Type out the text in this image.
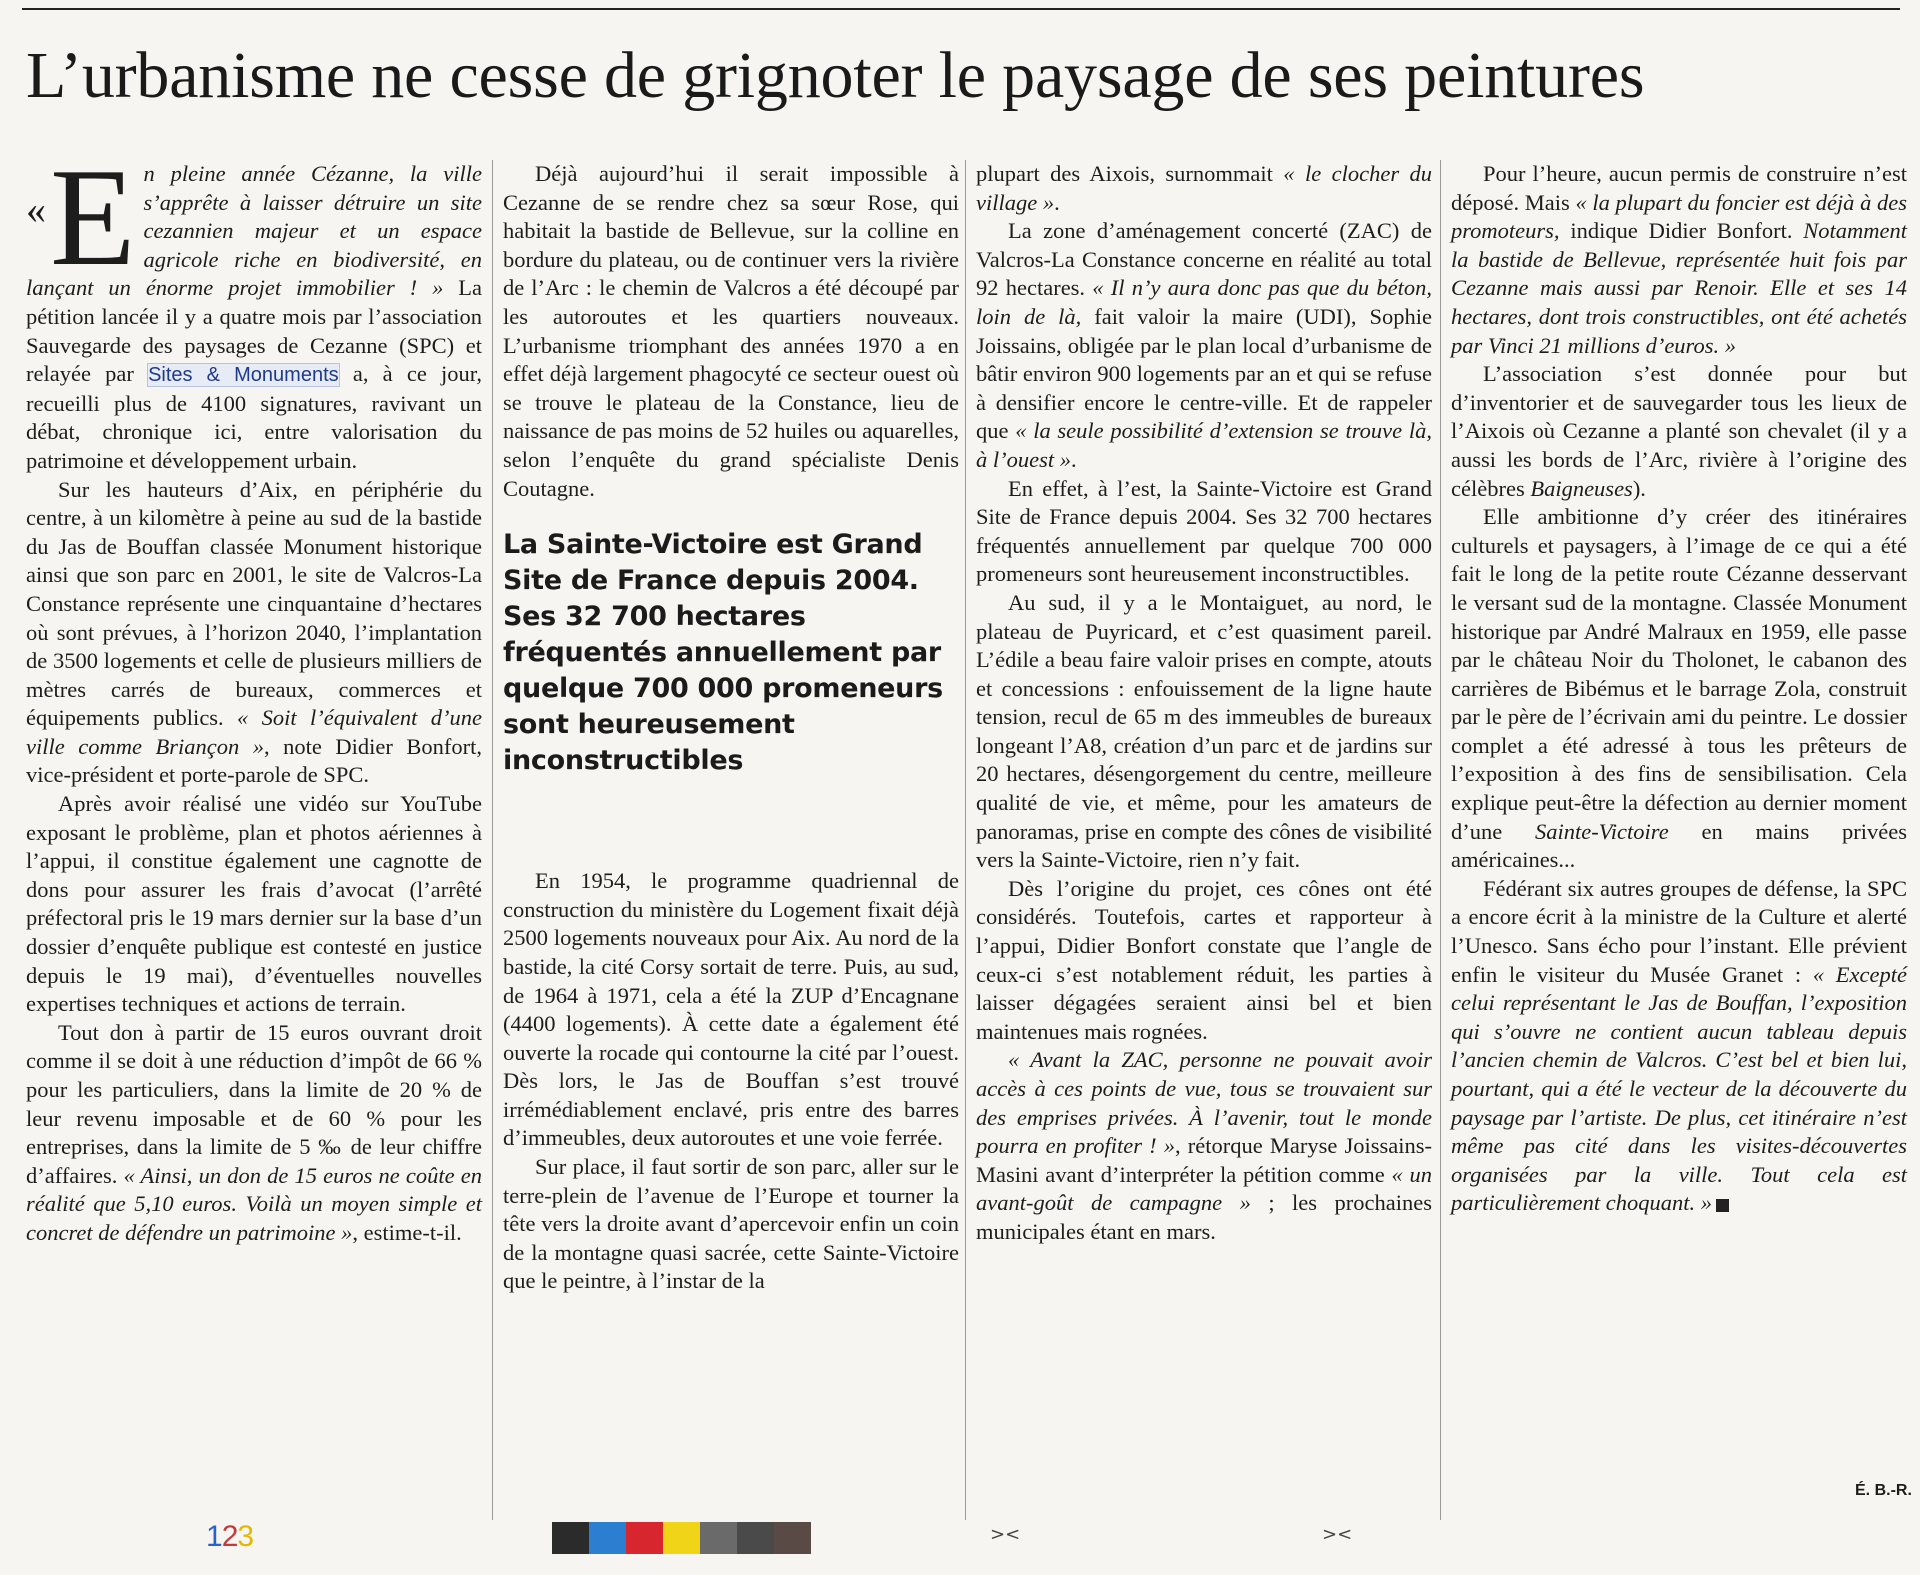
L’urbanisme ne cesse de grignoter le paysage de ses peintures

« E n pleine année Cézanne, la ville s’apprête à laisser détruire un site cezannien majeur et un espace agricole riche en biodiversité, en lançant un énorme projet immobilier ! » La pétition lancée il y a quatre mois par l’association Sauvegarde des paysages de Cezanne (SPC) et relayée par Sites & Monuments a, à ce jour, recueilli plus de 4100 signatures, ravivant un débat, chronique ici, entre valorisation du patrimoine et développement urbain.

Sur les hauteurs d’Aix, en périphérie du centre, à un kilomètre à peine au sud de la bastide du Jas de Bouffan classée Monument historique ainsi que son parc en 2001, le site de Valcros-La Constance représente une cinquantaine d’hectares où sont prévues, à l’horizon 2040, l’implantation de 3500 logements et celle de plusieurs milliers de mètres carrés de bureaux, commerces et équipements publics. « Soit l’équivalent d’une ville comme Briançon », note Didier Bonfort, vice-président et porte-parole de SPC.

Après avoir réalisé une vidéo sur YouTube exposant le problème, plan et photos aériennes à l’appui, il constitue également une cagnotte de dons pour assurer les frais d’avocat (l’arrêté préfectoral pris le 19 mars dernier sur la base d’un dossier d’enquête publique est contesté en justice depuis le 19 mai), d’éventuelles nouvelles expertises techniques et actions de terrain.

Tout don à partir de 15 euros ouvrant droit comme il se doit à une réduction d’impôt de 66 % pour les particuliers, dans la limite de 20 % de leur revenu imposable et de 60 % pour les entreprises, dans la limite de 5 ‰ de leur chiffre d’affaires. « Ainsi, un don de 15 euros ne coûte en réalité que 5,10 euros. Voilà un moyen simple et concret de défendre un patrimoine », estime-t-il.

Déjà aujourd’hui il serait impossible à Cezanne de se rendre chez sa sœur Rose, qui habitait la bastide de Bellevue, sur la colline en bordure du plateau, ou de continuer vers la rivière de l’Arc : le chemin de Valcros a été découpé par les autoroutes et les quartiers nouveaux. L’urbanisme triomphant des années 1970 a en effet déjà largement phagocyté ce secteur ouest où se trouve le plateau de la Constance, lieu de naissance de pas moins de 52 huiles ou aquarelles, selon l’enquête du grand spécialiste Denis Coutagne.

La Sainte-Victoire est Grand Site de France depuis 2004. Ses 32 700 hectares fréquentés annuellement par quelque 700 000 promeneurs sont heureusement inconstructibles

En 1954, le programme quadriennal de construction du ministère du Logement fixait déjà 2500 logements nouveaux pour Aix. Au nord de la bastide, la cité Corsy sortait de terre. Puis, au sud, de 1964 à 1971, cela a été la ZUP d’Encagnane (4400 logements). À cette date a également été ouverte la rocade qui contourne la cité par l’ouest. Dès lors, le Jas de Bouffan s’est trouvé irrémédiablement enclavé, pris entre des barres d’immeubles, deux autoroutes et une voie ferrée.

Sur place, il faut sortir de son parc, aller sur le terre-plein de l’avenue de l’Europe et tourner la tête vers la droite avant d’apercevoir enfin un coin de la montagne quasi sacrée, cette Sainte-Victoire que le peintre, à l’instar de la

plupart des Aixois, surnommait « le clocher du village ».

La zone d’aménagement concerté (ZAC) de Valcros-La Constance concerne en réalité au total 92 hectares. « Il n’y aura donc pas que du béton, loin de là, fait valoir la maire (UDI), Sophie Joissains, obligée par le plan local d’urbanisme de bâtir environ 900 logements par an et qui se refuse à densifier encore le centre-ville. Et de rappeler que « la seule possibilité d’extension se trouve là, à l’ouest ».

En effet, à l’est, la Sainte-Victoire est Grand Site de France depuis 2004. Ses 32 700 hectares fréquentés annuellement par quelque 700 000 promeneurs sont heureusement inconstructibles.

Au sud, il y a le Montaiguet, au nord, le plateau de Puyricard, et c’est quasiment pareil. L’édile a beau faire valoir prises en compte, atouts et concessions : enfouissement de la ligne haute tension, recul de 65 m des immeubles de bureaux longeant l’A8, création d’un parc et de jardins sur 20 hectares, désengorgement du centre, meilleure qualité de vie, et même, pour les amateurs de panoramas, prise en compte des cônes de visibilité vers la Sainte-Victoire, rien n’y fait.

Dès l’origine du projet, ces cônes ont été considérés. Toutefois, cartes et rapporteur à l’appui, Didier Bonfort constate que l’angle de ceux-ci s’est notablement réduit, les parties à laisser dégagées seraient ainsi bel et bien maintenues mais rognées.

« Avant la ZAC, personne ne pouvait avoir accès à ces points de vue, tous se trouvaient sur des emprises privées. À l’avenir, tout le monde pourra en profiter ! », rétorque Maryse Joissains-Masini avant d’interpréter la pétition comme « un avant-goût de campagne » ; les prochaines municipales étant en mars.

Pour l’heure, aucun permis de construire n’est déposé. Mais « la plupart du foncier est déjà à des promoteurs, indique Didier Bonfort. Notamment la bastide de Bellevue, représentée huit fois par Cezanne mais aussi par Renoir. Elle et ses 14 hectares, dont trois constructibles, ont été achetés par Vinci 21 millions d’euros. »

L’association s’est donnée pour but d’inventorier et de sauvegarder tous les lieux de l’Aixois où Cezanne a planté son chevalet (il y a aussi les bords de l’Arc, rivière à l’origine des célèbres Baigneuses).

Elle ambitionne d’y créer des itinéraires culturels et paysagers, à l’image de ce qui a été fait le long de la petite route Cézanne desservant le versant sud de la montagne. Classée Monument historique par André Malraux en 1959, elle passe par le château Noir du Tholonet, le cabanon des carrières de Bibémus et le barrage Zola, construit par le père de l’écrivain ami du peintre. Le dossier complet a été adressé à tous les prêteurs de l’exposition à des fins de sensibilisation. Cela explique peut-être la défection au dernier moment d’une Sainte-Victoire en mains privées américaines...

Fédérant six autres groupes de défense, la SPC a encore écrit à la ministre de la Culture et alerté l’Unesco. Sans écho pour l’instant. Elle prévient enfin le visiteur du Musée Granet : « Excepté celui représentant le Jas de Bouffan, l’exposition qui s’ouvre ne contient aucun tableau depuis l’ancien chemin de Valcros. C’est bel et bien lui, pourtant, qui a été le vecteur de la découverte du paysage par l’artiste. De plus, cet itinéraire n’est même pas cité dans les visites-découvertes organisées par la ville. Tout cela est particulièrement choquant. »

É. B.-R.
123	><	><
